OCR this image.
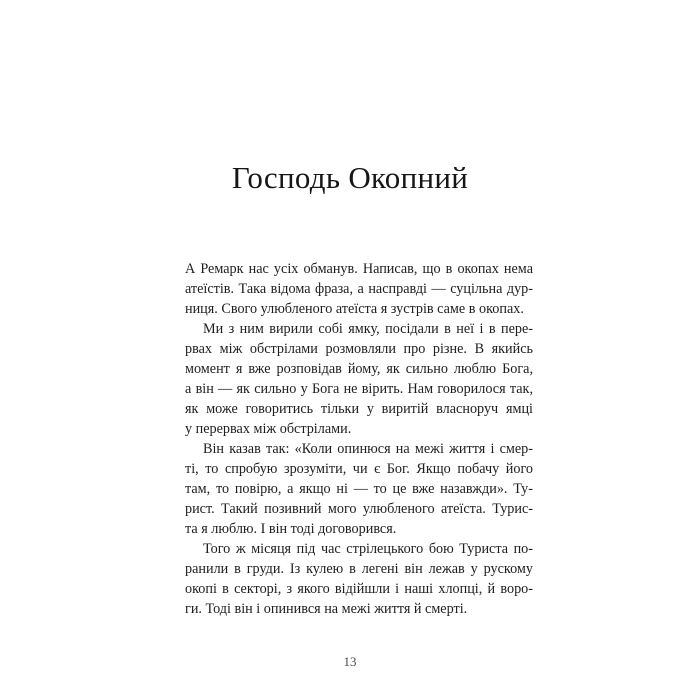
Господь Окопний
А Ремарк нас усіх обманув. Написав, що в окопах нема
атеїстів. Така відома фраза, а насправді — суцільна дур-
ниця. Свого улюбленого атеїста я зустрів саме в окопах.
Ми з ним вирили собі ямку, посідали в неї і в пере-
рвах між обстрілами розмовляли про різне. В якийсь
момент я вже розповідав йому, як сильно люблю Бога,
а він — як сильно у Бога не вірить. Нам говорилося так,
як може говоритись тільки у виритій власноруч ямці
у перервах між обстрілами.
Він казав так: «Коли опинюся на межі життя і смер-
ті, то спробую зрозуміти, чи є Бог. Якщо побачу його
там, то повірю, а якщо ні — то це вже назавжди». Ту-
рист. Такий позивний мого улюбленого атеїста. Турис-
та я люблю. І він тоді договорився.
Того ж місяця під час стрілецького бою Туриста по-
ранили в груди. Із кулею в легені він лежав у рускому
окопі в секторі, з якого відійшли і наші хлопці, й воро-
ги. Тоді він і опинився на межі життя й смерті.
13
